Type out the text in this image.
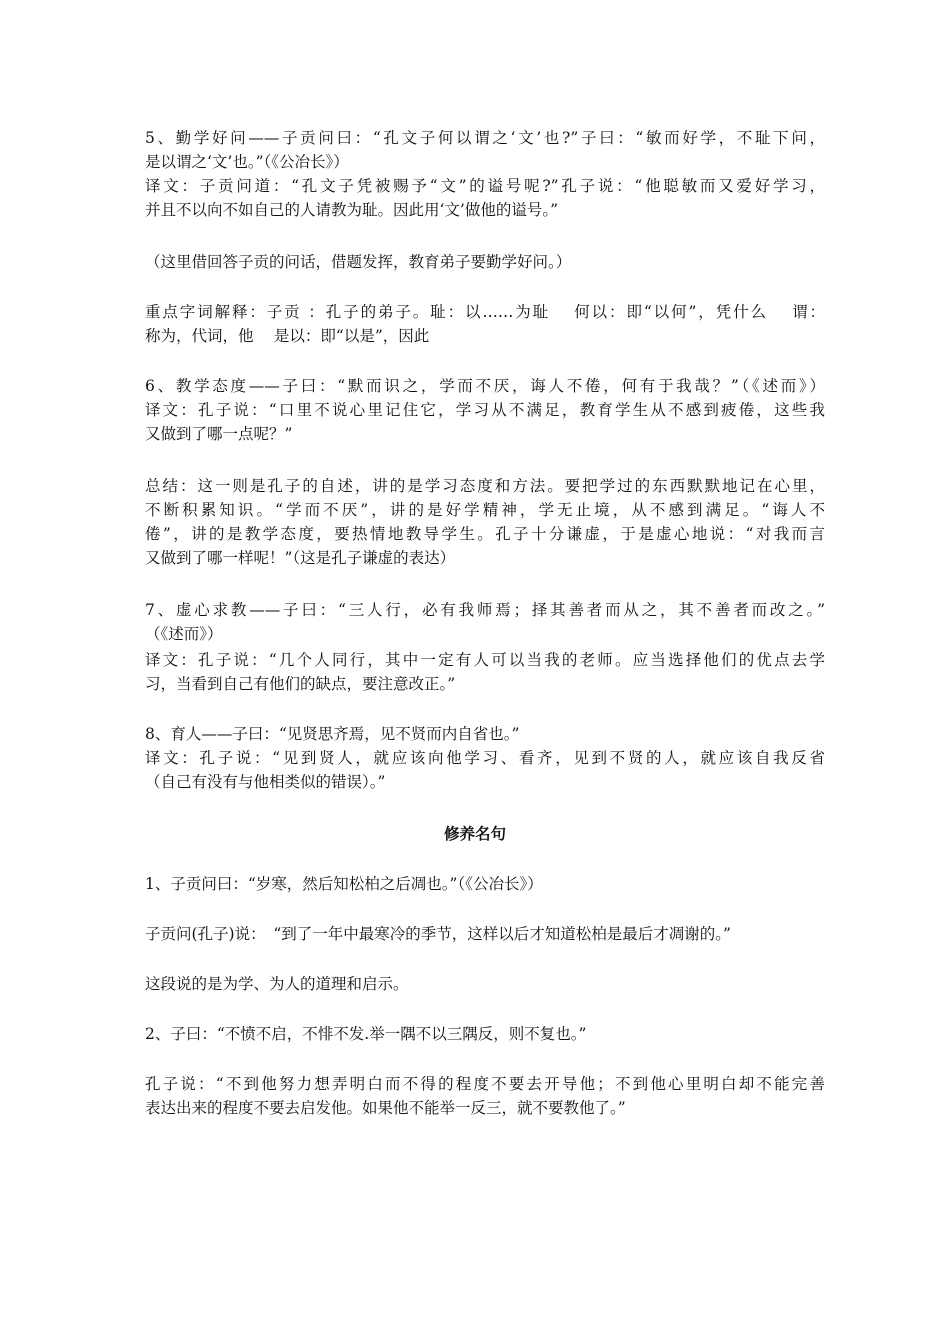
5、勤学好问——子贡问曰：“孔文子何以谓之‘文’也?”子曰：“敏而好学，不耻下问，
是以谓之‘文’也。”（《公冶长》）
译文：子贡问道：“孔文子凭被赐予“文”的谥号呢?”孔子说：“他聪敏而又爱好学习，
并且不以向不如自己的人请教为耻。因此用‘文’做他的谥号。”
（这里借回答子贡的问话，借题发挥，教育弟子要勤学好问。）
重点字词解释：子贡 ：孔子的弟子。耻：以……为耻　 何以：即“以何”，凭什么　 谓：
称为，代词，他　 是以：即“以是”，因此
6、教学态度——子曰：“默而识之，学而不厌，诲人不倦，何有于我哉？”（《述而》）
译文：孔子说：“口里不说心里记住它，学习从不满足，教育学生从不感到疲倦，这些我
又做到了哪一点呢？”
总结：这一则是孔子的自述，讲的是学习态度和方法。要把学过的东西默默地记在心里，
不断积累知识。“学而不厌”，讲的是好学精神，学无止境，从不感到满足。“诲人不
倦”，讲的是教学态度，要热情地教导学生。孔子十分谦虚，于是虚心地说：“对我而言
又做到了哪一样呢！”（这是孔子谦虚的表达）
7、虚心求教——子曰：“三人行，必有我师焉；择其善者而从之，其不善者而改之。”
（《述而》）
译文：孔子说：“几个人同行，其中一定有人可以当我的老师。应当选择他们的优点去学
习，当看到自己有他们的缺点，要注意改正。”
8、育人——子曰：“见贤思齐焉，见不贤而内自省也。”
译文：孔子说：“见到贤人，就应该向他学习、看齐，见到不贤的人，就应该自我反省
（自己有没有与他相类似的错误）。”
修养名句
1、子贡问曰：“岁寒，然后知松柏之后凋也。”（《公冶长》）
子贡问(孔子)说：　“到了一年中最寒冷的季节，这样以后才知道松柏是最后才凋谢的。”
这段说的是为学、为人的道理和启示。
2、子曰：“不愤不启，不悱不发.举一隅不以三隅反，则不复也。”
孔子说：“不到他努力想弄明白而不得的程度不要去开导他；不到他心里明白却不能完善
表达出来的程度不要去启发他。如果他不能举一反三，就不要教他了。”
